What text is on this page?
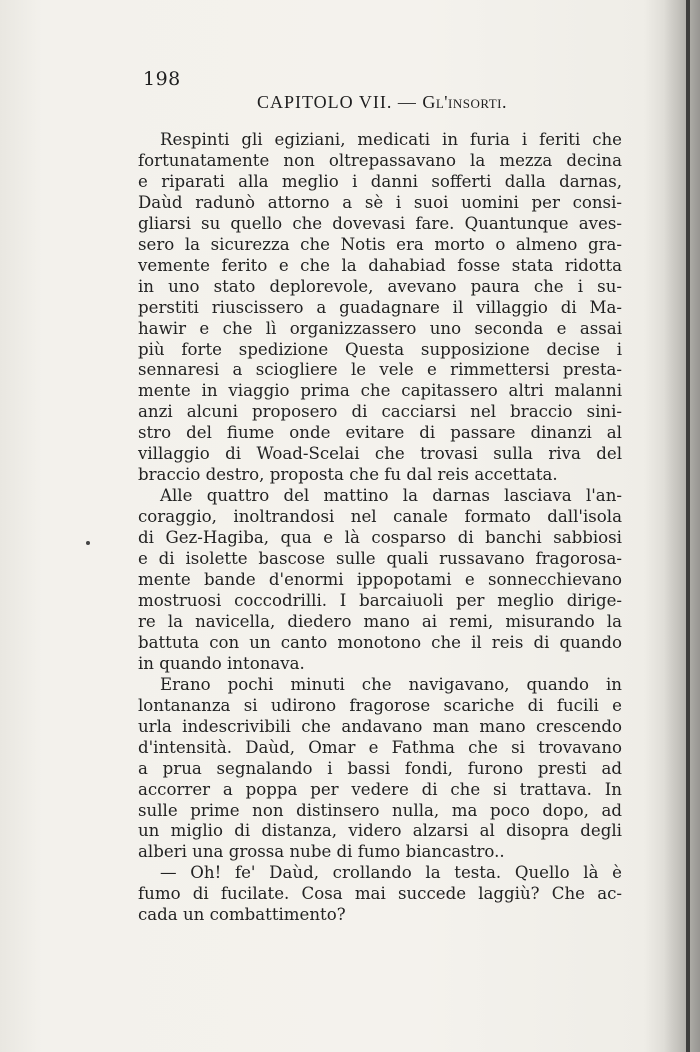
198
CAPITOLO VII. — Gl'insorti.
Respinti gli egiziani, medicati in furia i feriti che
fortunatamente non oltrepassavano la mezza decina
e riparati alla meglio i danni sofferti dalla darnas,
Daùd radunò attorno a sè i suoi uomini per consi-
gliarsi su quello che dovevasi fare. Quantunque aves-
sero la sicurezza che Notis era morto o almeno gra-
vemente ferito e che la dahabiad fosse stata ridotta
in uno stato deplorevole, avevano paura che i su-
perstiti riuscissero a guadagnare il villaggio di Ma-
hawir e che lì organizzassero uno seconda e assai
più forte spedizione Questa supposizione decise i
sennaresi a sciogliere le vele e rimmettersi presta-
mente in viaggio prima che capitassero altri malanni
anzi alcuni proposero di cacciarsi nel braccio sini-
stro del fiume onde evitare di passare dinanzi al
villaggio di Woad-Scelai che trovasi sulla riva del
braccio destro, proposta che fu dal reis accettata.
Alle quattro del mattino la darnas lasciava l'an-
coraggio, inoltrandosi nel canale formato dall'isola
di Gez-Hagiba, qua e là cosparso di banchi sabbiosi
e di isolette bascose sulle quali russavano fragorosa-
mente bande d'enormi ippopotami e sonnecchievano
mostruosi coccodrilli. I barcaiuoli per meglio dirige-
re la navicella, diedero mano ai remi, misurando la
battuta con un canto monotono che il reis di quando
in quando intonava.
Erano pochi minuti che navigavano, quando in
lontananza si udirono fragorose scariche di fucili e
urla indescrivibili che andavano man mano crescendo
d'intensità. Daùd, Omar e Fathma che si trovavano
a prua segnalando i bassi fondi, furono presti ad
accorrer a poppa per vedere di che si trattava. In
sulle prime non distinsero nulla, ma poco dopo, ad
un miglio di distanza, videro alzarsi al disopra degli
alberi una grossa nube di fumo biancastro..
— Oh! fe' Daùd, crollando la testa. Quello là è
fumo di fucilate. Cosa mai succede laggiù? Che ac-
cada un combattimento?
